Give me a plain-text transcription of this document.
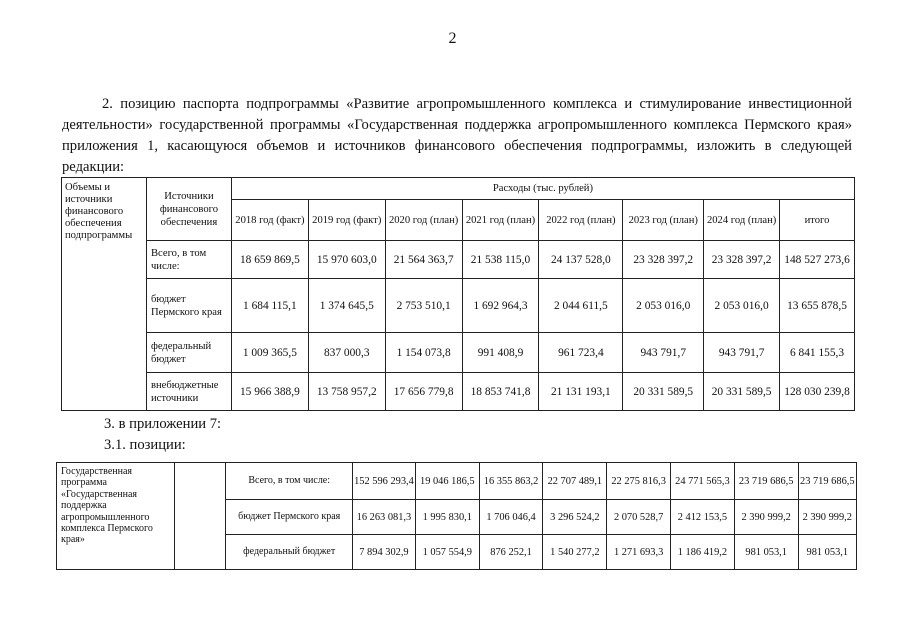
2
2. позицию паспорта подпрограммы «Развитие агропромышленного комплекса и стимулирование инвестиционной деятельности» государственной программы «Государственная поддержка агропромышленного комплекса Пермского края» приложения 1, касающуюся объемов и источников финансового обеспечения подпрограммы, изложить в следующей редакции:
Объемы и источники финансового обеспечения подпрограммы	Источники финансового обеспечения	Расходы (тыс. рублей)							
		2018 год (факт)	2019 год (факт)	2020 год (план)	2021 год (план)	2022 год (план)	2023 год (план)	2024 год (план)	итого
	Всего, в том числе:	18 659 869,5	15 970 603,0	21 564 363,7	21 538 115,0	24 137 528,0	23 328 397,2	23 328 397,2	148 527 273,6
	бюджет Пермского края	1 684 115,1	1 374 645,5	2 753 510,1	1 692 964,3	2 044 611,5	2 053 016,0	2 053 016,0	13 655 878,5
	федеральный бюджет	1 009 365,5	837 000,3	1 154 073,8	991 408,9	961 723,4	943 791,7	943 791,7	6 841 155,3
	внебюджетные источники	15 966 388,9	13 758 957,2	17 656 779,8	18 853 741,8	21 131 193,1	20 331 589,5	20 331 589,5	128 030 239,8
3. в приложении 7:
3.1. позиции:
Государственная программа «Государственная поддержка агропромышленного комплекса Пермского края»		Всего, в том числе:	152 596 293,4	19 046 186,5	16 355 863,2	22 707 489,1	22 275 816,3	24 771 565,3	23 719 686,5	23 719 686,5
		бюджет Пермского края	16 263 081,3	1 995 830,1	1 706 046,4	3 296 524,2	2 070 528,7	2 412 153,5	2 390 999,2	2 390 999,2
		федеральный бюджет	7 894 302,9	1 057 554,9	876 252,1	1 540 277,2	1 271 693,3	1 186 419,2	981 053,1	981 053,1
